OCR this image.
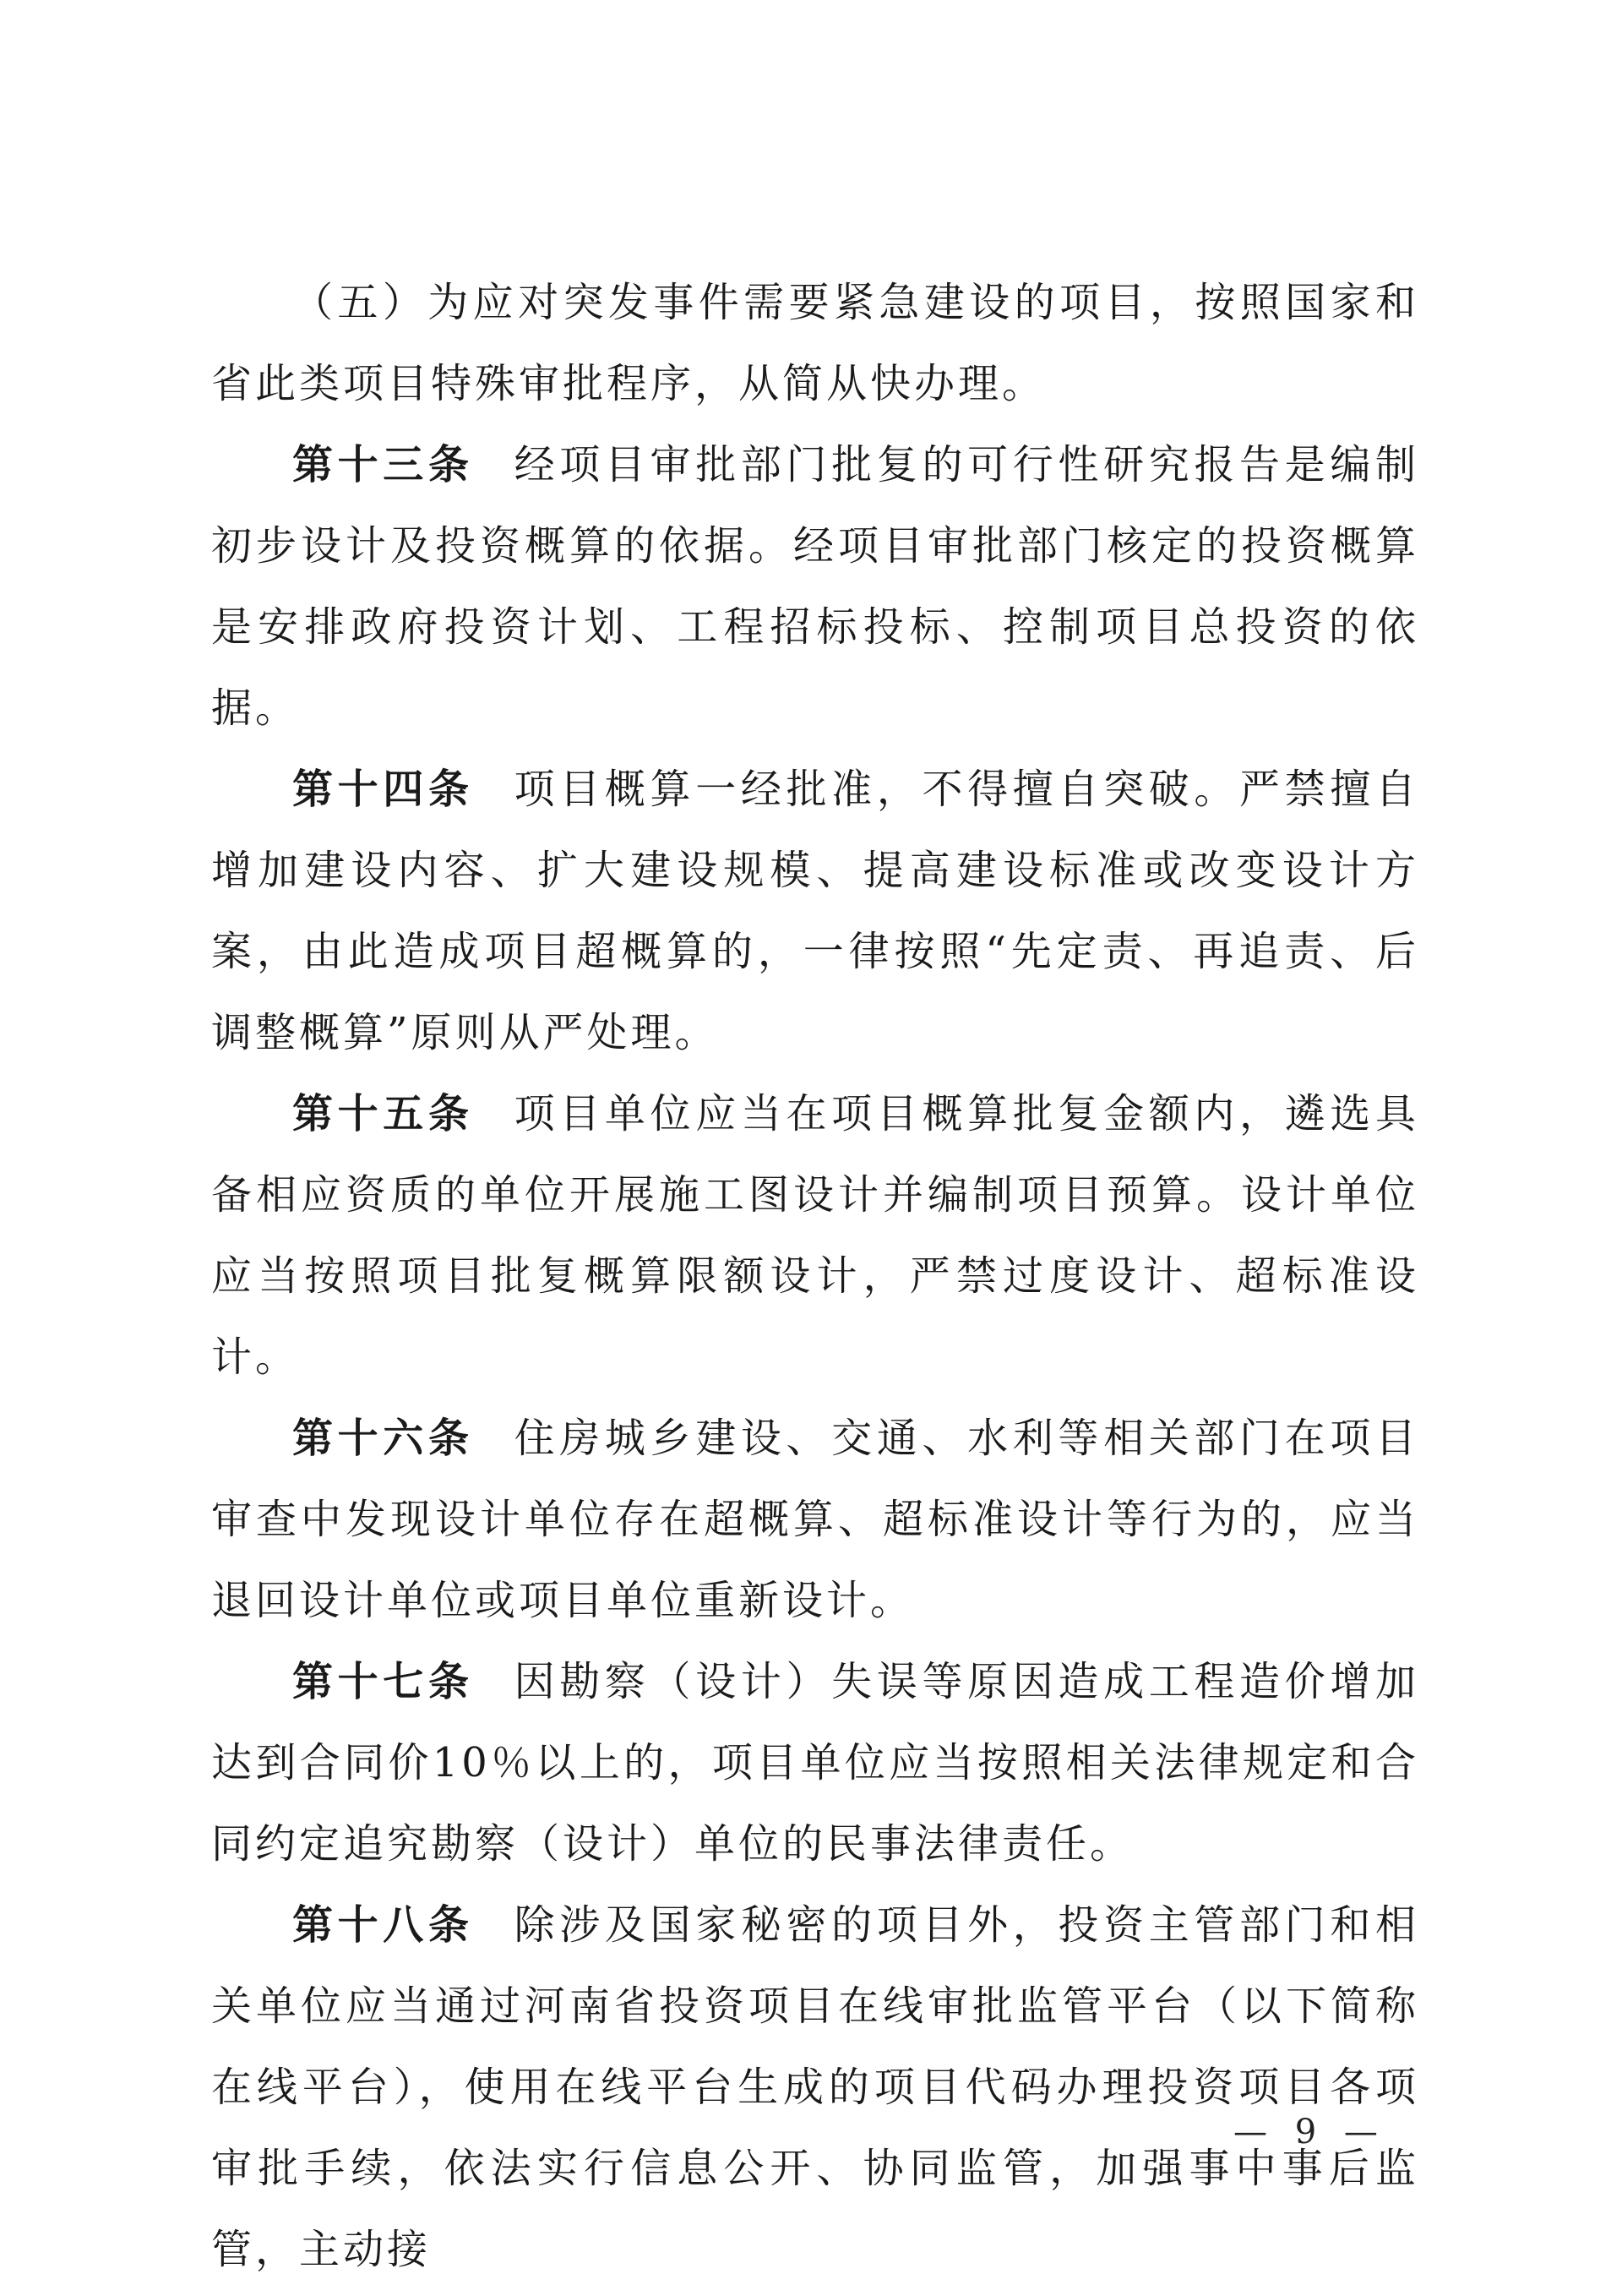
（五）为应对突发事件需要紧急建设的项目，按照国家和省此类项目特殊审批程序，从简从快办理。

第十三条 经项目审批部门批复的可行性研究报告是编制初步设计及投资概算的依据。经项目审批部门核定的投资概算是安排政府投资计划、工程招标投标、控制项目总投资的依据。

第十四条 项目概算一经批准，不得擅自突破。严禁擅自增加建设内容、扩大建设规模、提高建设标准或改变设计方案，由此造成项目超概算的，一律按照“先定责、再追责、后调整概算”原则从严处理。

第十五条 项目单位应当在项目概算批复金额内，遴选具备相应资质的单位开展施工图设计并编制项目预算。设计单位应当按照项目批复概算限额设计，严禁过度设计、超标准设计。

第十六条 住房城乡建设、交通、水利等相关部门在项目审查中发现设计单位存在超概算、超标准设计等行为的，应当退回设计单位或项目单位重新设计。

第十七条 因勘察（设计）失误等原因造成工程造价增加达到合同价10％以上的，项目单位应当按照相关法律规定和合同约定追究勘察（设计）单位的民事法律责任。

第十八条 除涉及国家秘密的项目外，投资主管部门和相关单位应当通过河南省投资项目在线审批监管平台（以下简称在线平台），使用在线平台生成的项目代码办理投资项目各项审批手续，依法实行信息公开、协同监管，加强事中事后监管，主动接

— 9 —
